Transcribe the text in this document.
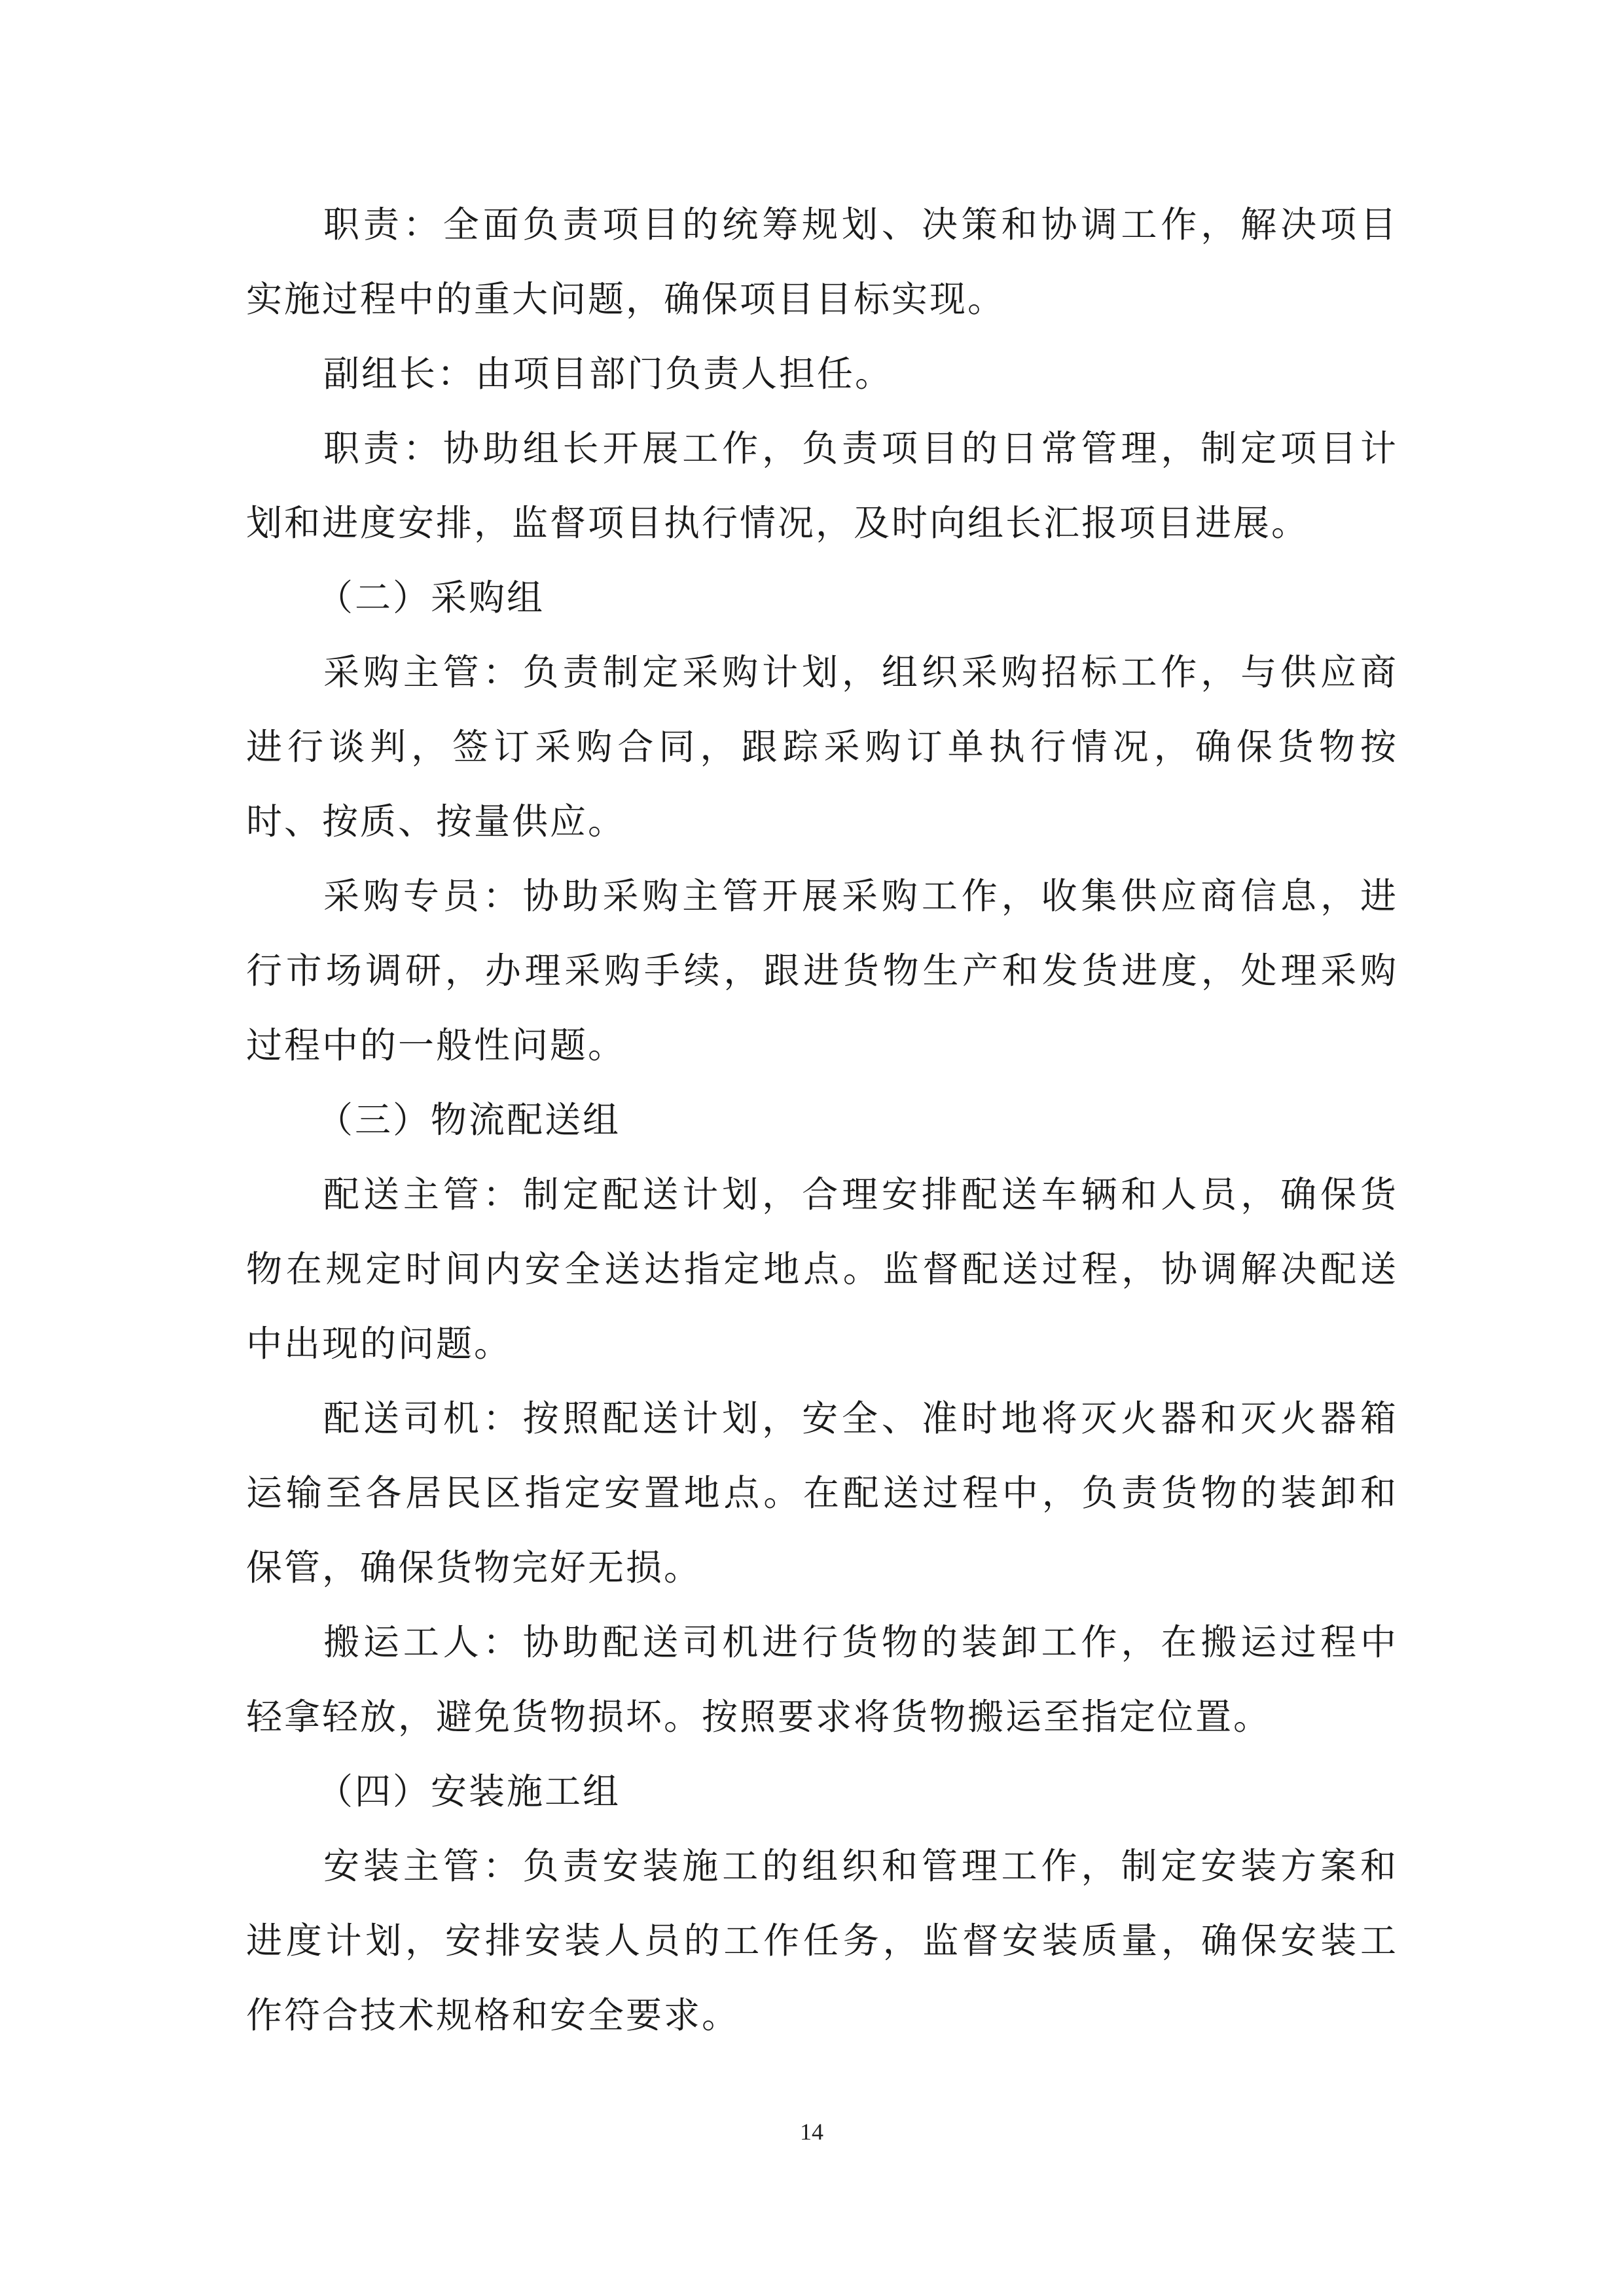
职责：全面负责项目的统筹规划、决策和协调工作，解决项目
实施过程中的重大问题，确保项目目标实现。
副组长：由项目部门负责人担任。
职责：协助组长开展工作，负责项目的日常管理，制定项目计
划和进度安排，监督项目执行情况，及时向组长汇报项目进展。
（二）采购组
采购主管：负责制定采购计划，组织采购招标工作，与供应商
进行谈判，签订采购合同，跟踪采购订单执行情况，确保货物按
时、按质、按量供应。
采购专员：协助采购主管开展采购工作，收集供应商信息，进
行市场调研，办理采购手续，跟进货物生产和发货进度，处理采购
过程中的一般性问题。
（三）物流配送组
配送主管：制定配送计划，合理安排配送车辆和人员，确保货
物在规定时间内安全送达指定地点。监督配送过程，协调解决配送
中出现的问题。
配送司机：按照配送计划，安全、准时地将灭火器和灭火器箱
运输至各居民区指定安置地点。在配送过程中，负责货物的装卸和
保管，确保货物完好无损。
搬运工人：协助配送司机进行货物的装卸工作，在搬运过程中
轻拿轻放，避免货物损坏。按照要求将货物搬运至指定位置。
（四）安装施工组
安装主管：负责安装施工的组织和管理工作，制定安装方案和
进度计划，安排安装人员的工作任务，监督安装质量，确保安装工
作符合技术规格和安全要求。
14
